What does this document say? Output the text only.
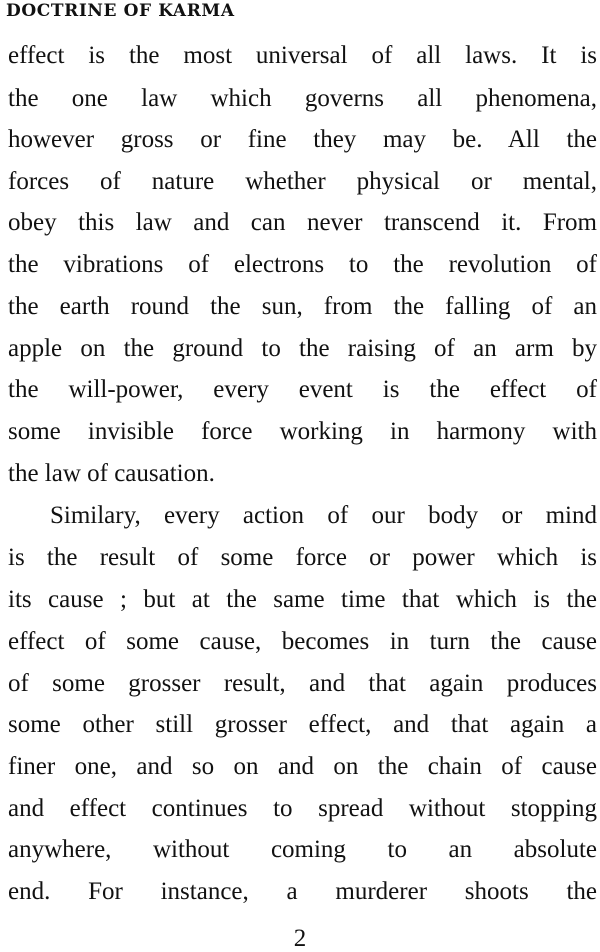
DOCTRINE OF KARMA
effect is the most universal of all laws. It is
the one law which governs all phenomena,
however gross or fine they may be. All the
forces of nature whether physical or mental,
obey this law and can never transcend it. From
the vibrations of electrons to the revolution of
the earth round the sun, from the falling of an
apple on the ground to the raising of an arm by
the will-power, every event is the effect of
some invisible force working in harmony with
the law of causation.
Similary, every action of our body or mind
is the result of some force or power which is
its cause ; but at the same time that which is the
effect of some cause, becomes in turn the cause
of some grosser result, and that again produces
some other still grosser effect, and that again a
finer one, and so on and on the chain of cause
and effect continues to spread without stopping
anywhere, without coming to an absolute
end. For instance, a murderer shoots the
2
